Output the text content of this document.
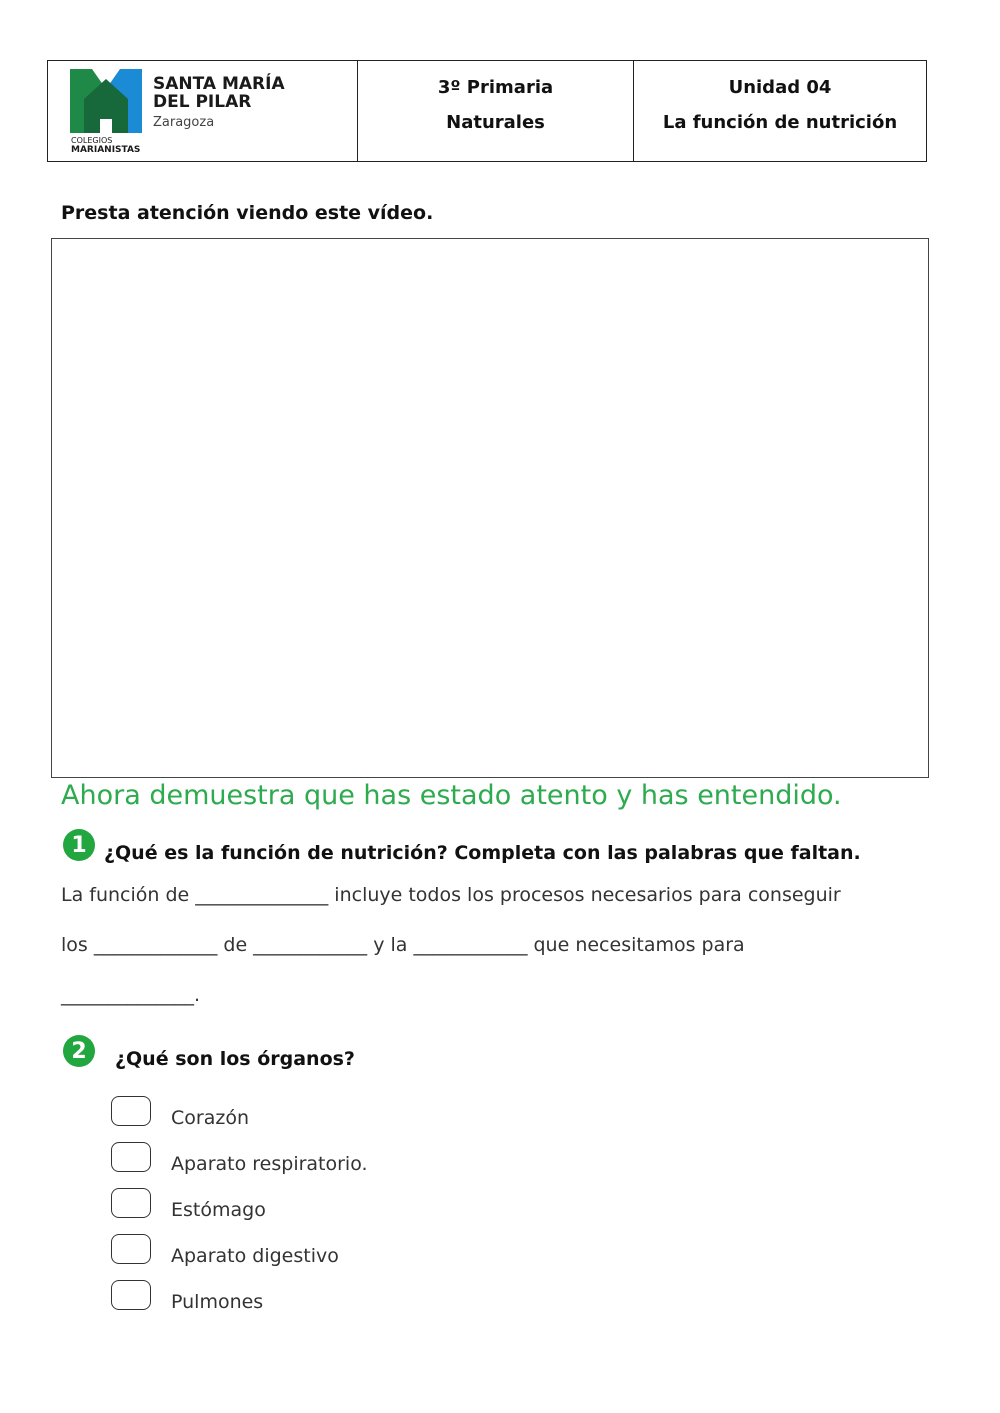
SANTA MARÍA
DEL PILAR
Zaragoza
COLEGIOS
MARIANISTAS
3º Primaria
Naturales
Unidad 04
La función de nutrición
Presta atención viendo este vídeo.
Ahora demuestra que has estado atento y has entendido.
1 ¿Qué es la función de nutrición? Completa con las palabras que faltan.
La función de ______________ incluye todos los procesos necesarios para conseguir
los _____________ de ____________ y la ____________ que necesitamos para
______________.
2	¿Qué son los órganos?
Corazón
Aparato respiratorio.
Estómago
Aparato digestivo
Pulmones
